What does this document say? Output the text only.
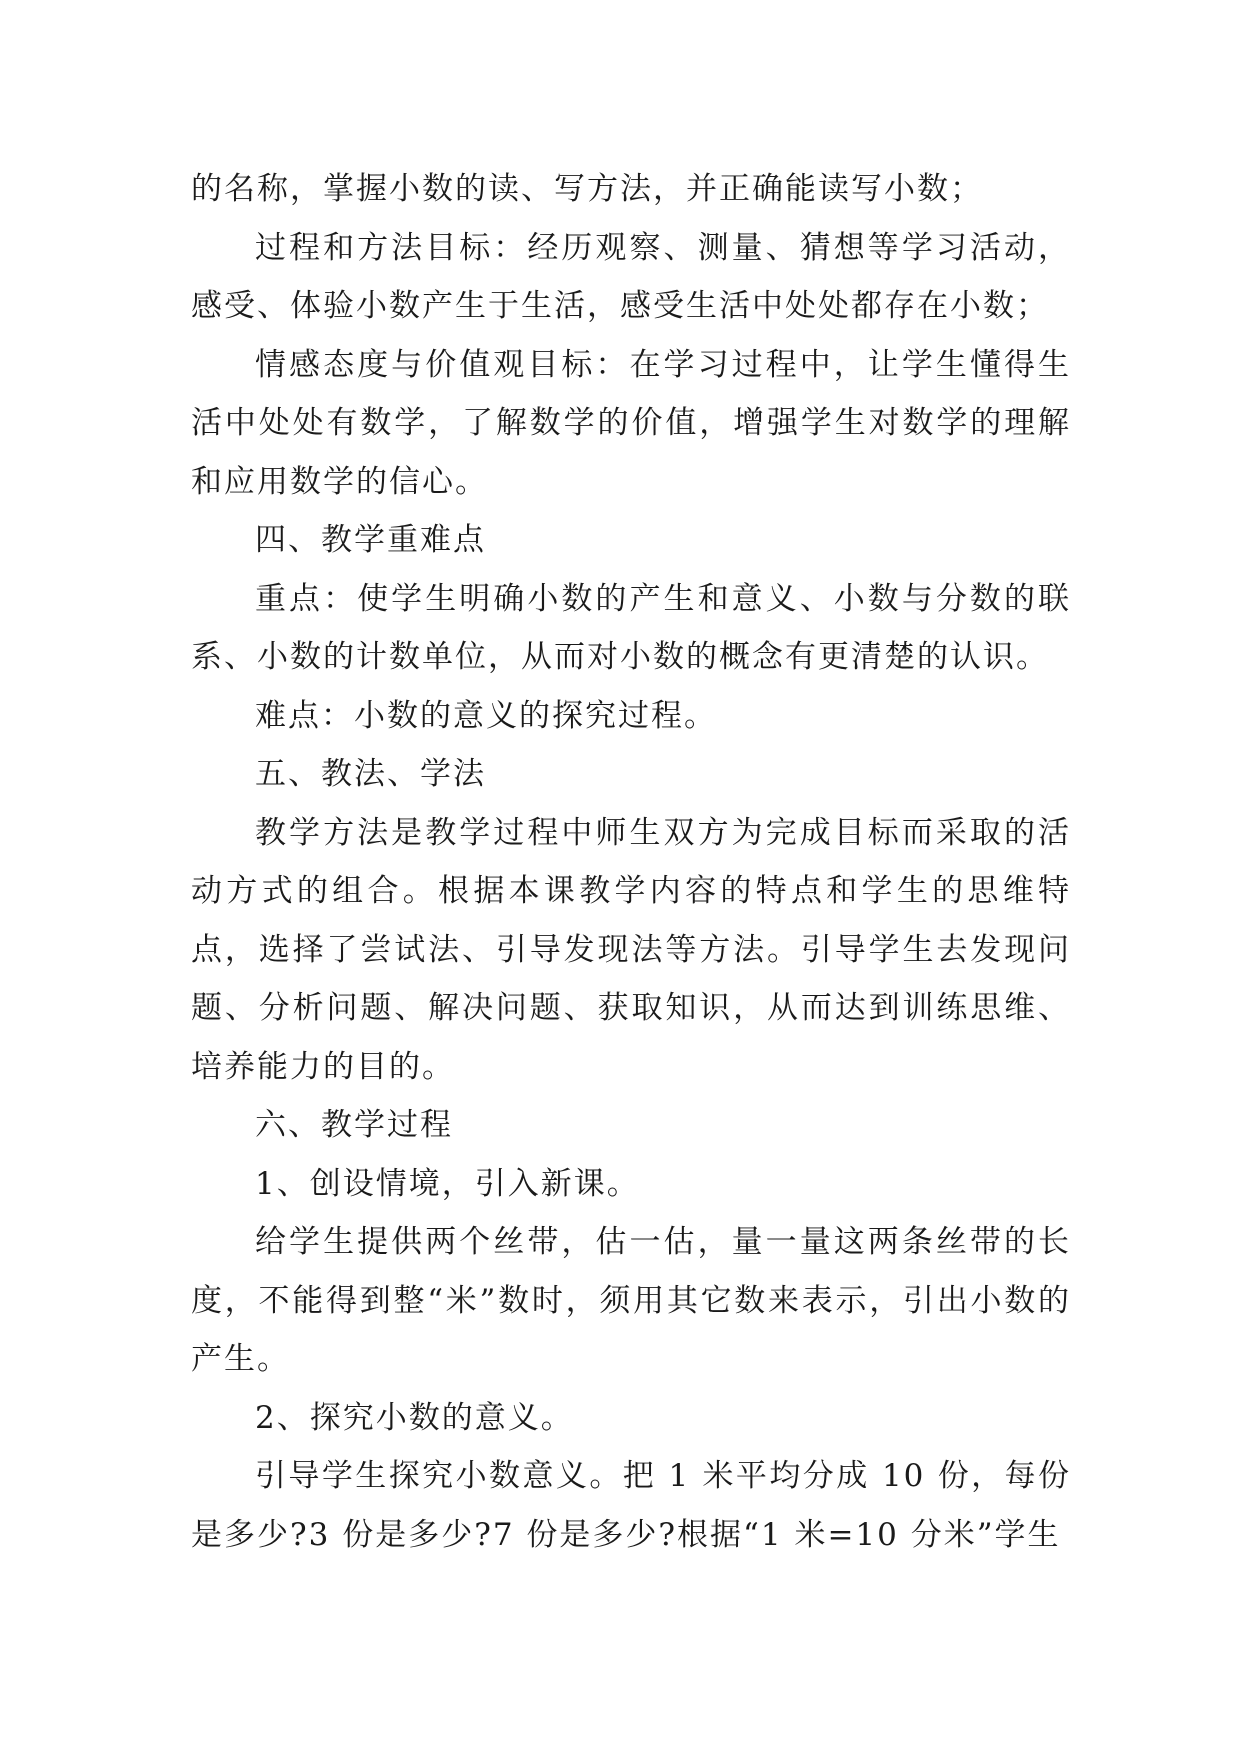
的名称，掌握小数的读、写方法，并正确能读写小数；

过程和方法目标：经历观察、测量、猜想等学习活动，感受、体验小数产生于生活，感受生活中处处都存在小数；

情感态度与价值观目标：在学习过程中，让学生懂得生活中处处有数学，了解数学的价值，增强学生对数学的理解和应用数学的信心。

四、教学重难点

重点：使学生明确小数的产生和意义、小数与分数的联系、小数的计数单位，从而对小数的概念有更清楚的认识。

难点：小数的意义的探究过程。

五、教法、学法

教学方法是教学过程中师生双方为完成目标而采取的活动方式的组合。根据本课教学内容的特点和学生的思维特点，选择了尝试法、引导发现法等方法。引导学生去发现问题、分析问题、解决问题、获取知识，从而达到训练思维、培养能力的目的。

六、教学过程

1、创设情境，引入新课。

给学生提供两个丝带，估一估，量一量这两条丝带的长度，不能得到整“米”数时，须用其它数来表示，引出小数的产生。

2、探究小数的意义。

引导学生探究小数意义。把 1 米平均分成 10 份，每份是多少?3 份是多少?7 份是多少?根据“1 米=10 分米”学生
